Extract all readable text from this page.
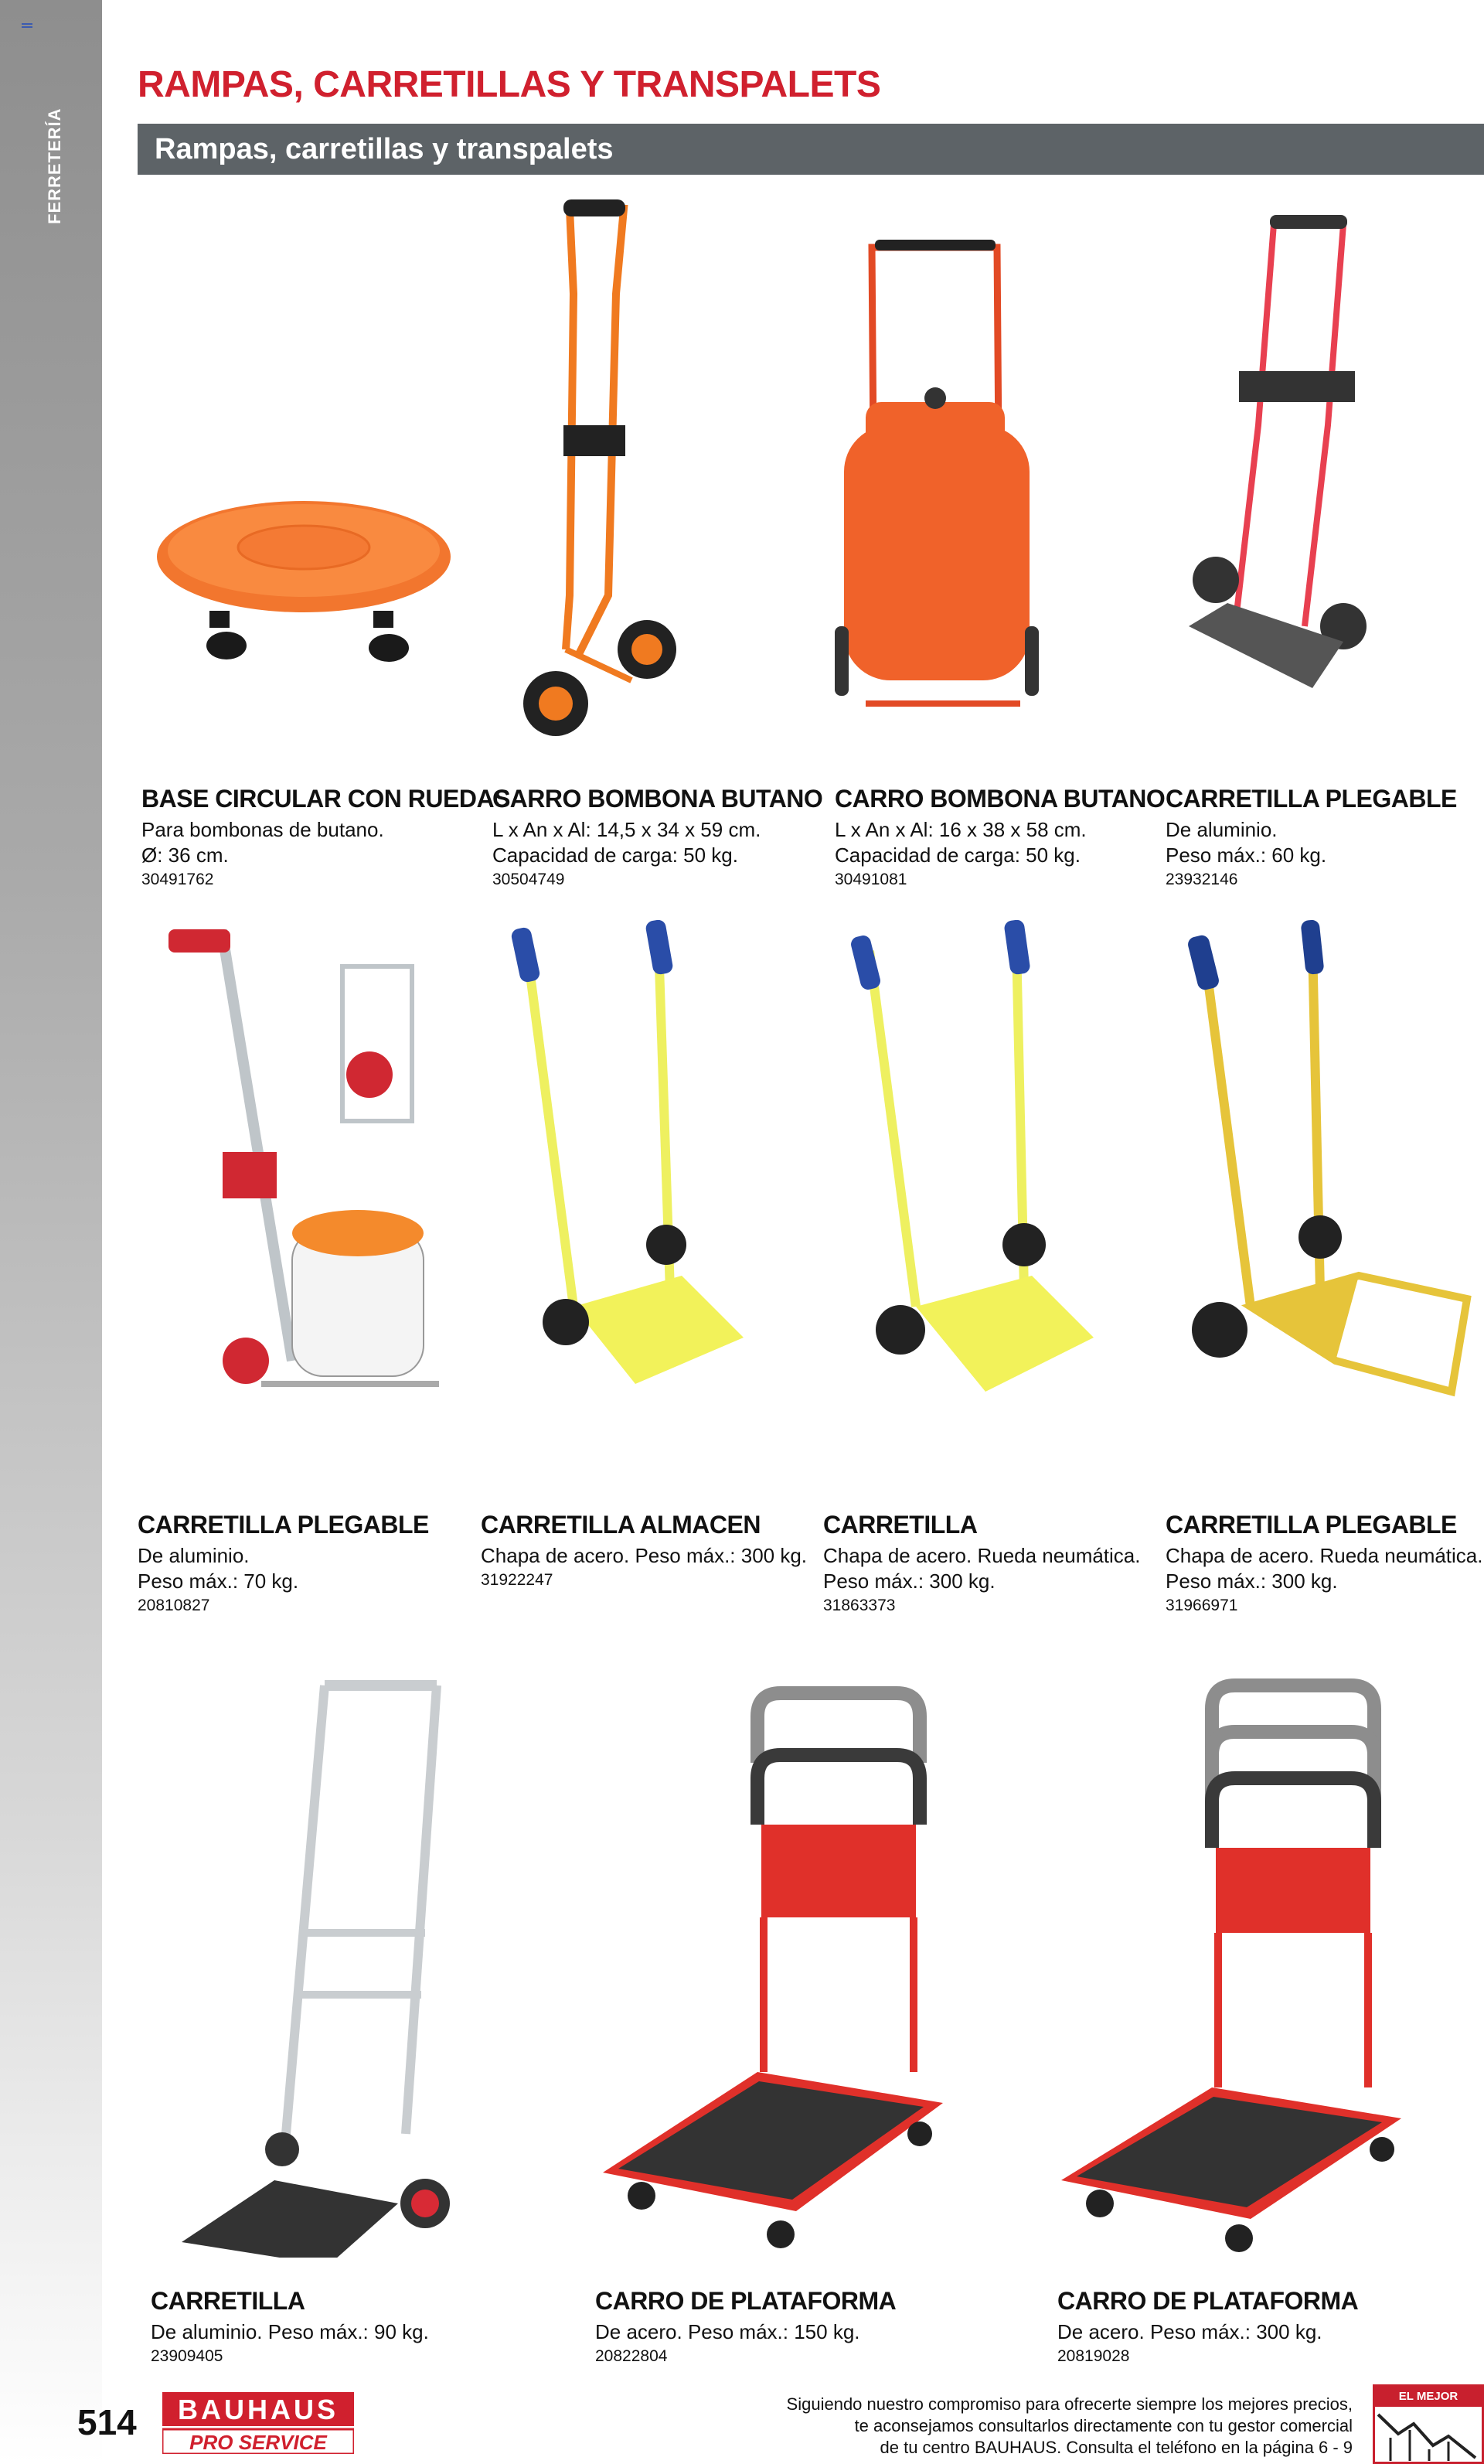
FERRETERÍA
RAMPAS, CARRETILLAS Y TRANSPALETS
Rampas, carretillas y transpalets
BASE CIRCULAR CON RUEDAS
Para bombonas de butano.
Ø: 36 cm.
30491762
CARRO BOMBONA BUTANO
L x An x Al: 14,5 x 34 x 59 cm.
Capacidad de carga: 50 kg.
30504749
CARRO BOMBONA BUTANO
L x An x Al: 16 x 38 x 58 cm.
Capacidad de carga: 50 kg.
30491081
CARRETILLA PLEGABLE
De aluminio.
Peso máx.: 60 kg.
23932146
CARRETILLA PLEGABLE
De aluminio.
Peso máx.: 70 kg.
20810827
CARRETILLA ALMACEN
Chapa de acero. Peso máx.: 300 kg.
31922247
CARRETILLA
Chapa de acero. Rueda neumática.
Peso máx.: 300 kg.
31863373
CARRETILLA PLEGABLE
Chapa de acero. Rueda neumática.
Peso máx.: 300 kg.
31966971
CARRETILLA
De aluminio. Peso máx.: 90 kg.
23909405
CARRO DE PLATAFORMA
De acero. Peso máx.: 150 kg.
20822804
CARRO DE PLATAFORMA
De acero. Peso máx.: 300 kg.
20819028
514 BAUHAUS
PRO SERVICE
Siguiendo nuestro compromiso para ofrecerte siempre los mejores precios,
te aconsejamos consultarlos directamente con tu gestor comercial
de tu centro BAUHAUS. Consulta el teléfono en la página 6 - 9
EL MEJOR PRECIO
